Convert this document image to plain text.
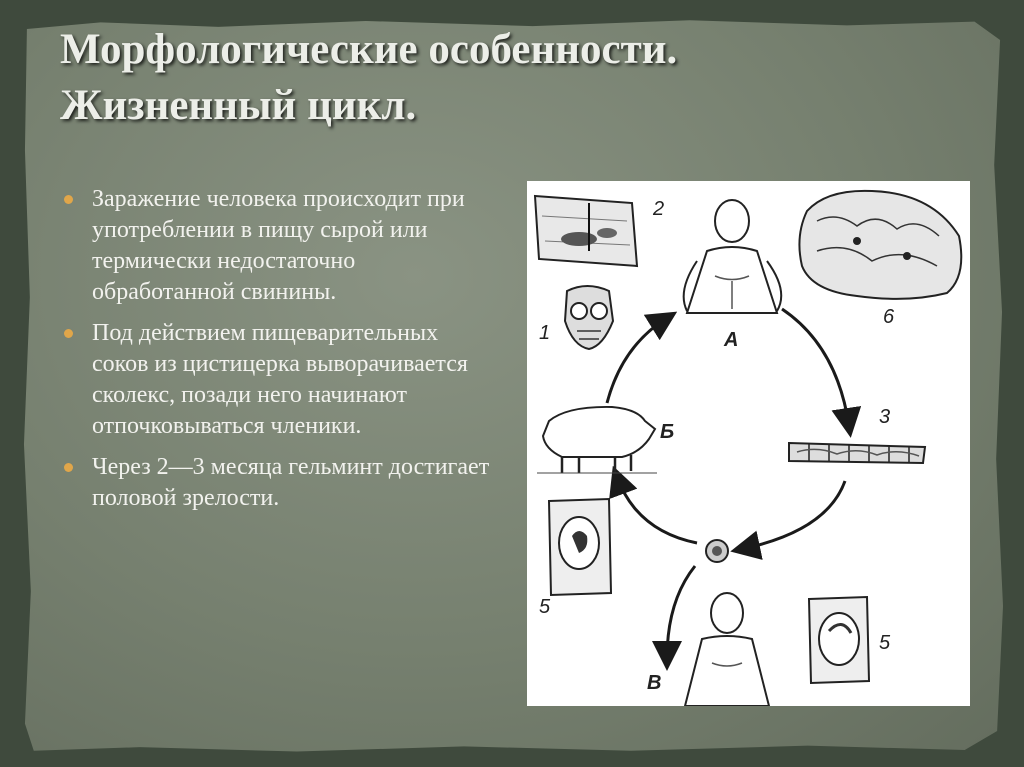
Морфологические особенности.
Жизненный цикл.
Заражение человека происходит при употреблении в пищу сырой или термически недостаточно обработанной свинины.
Под действием пищеварительных соков из цистицерка выворачивается сколекс, позади него начинают отпочковываться членики.
Через 2—3 месяца гельминт достигает половой зрелости.
2
1	А
6
Б
3
5
5
В
